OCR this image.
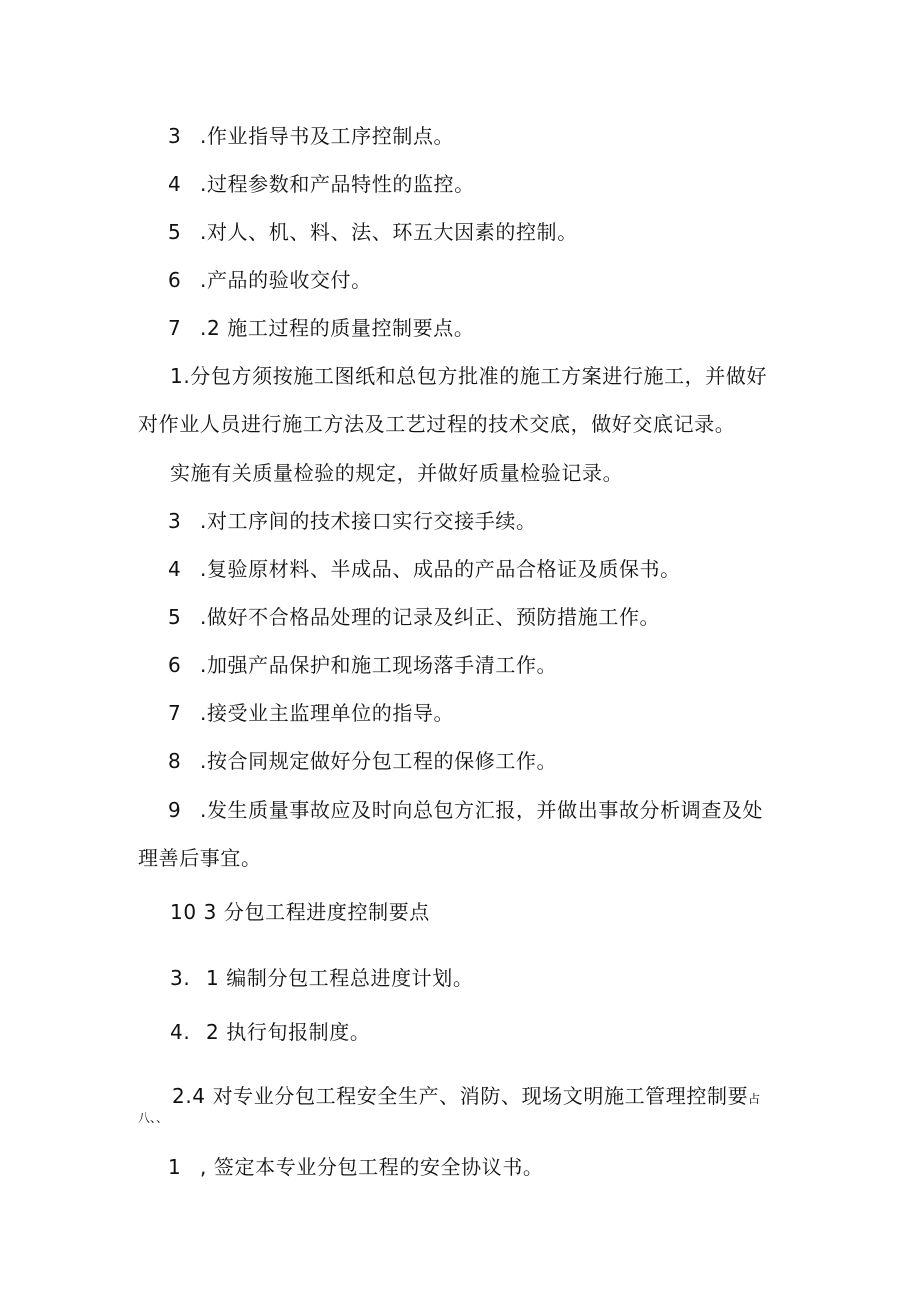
3 .作业指导书及工序控制点。
4 .过程参数和产品特性的监控。
5 .对人、机、料、法、环五大因素的控制。
6 .产品的验收交付。
7 .2 施工过程的质量控制要点。
1.分包方须按施工图纸和总包方批准的施工方案进行施工，并做好
对作业人员进行施工方法及工艺过程的技术交底，做好交底记录。
实施有关质量检验的规定，并做好质量检验记录。
3 .对工序间的技术接口实行交接手续。
4 .复验原材料、半成品、成品的产品合格证及质保书。
5 .做好不合格品处理的记录及纠正、预防措施工作。
6 .加强产品保护和施工现场落手清工作。
7 .接受业主监理单位的指导。
8 .按合同规定做好分包工程的保修工作。
9 .发生质量事故应及时向总包方汇报，并做出事故分析调查及处
理善后事宜。
10 3 分包工程进度控制要点
3. 1 编制分包工程总进度计划。
4. 2 执行旬报制度。
2.4 对专业分包工程安全生产、消防、现场文明施工管理控制要占
八、、
1 , 签定本专业分包工程的安全协议书。
